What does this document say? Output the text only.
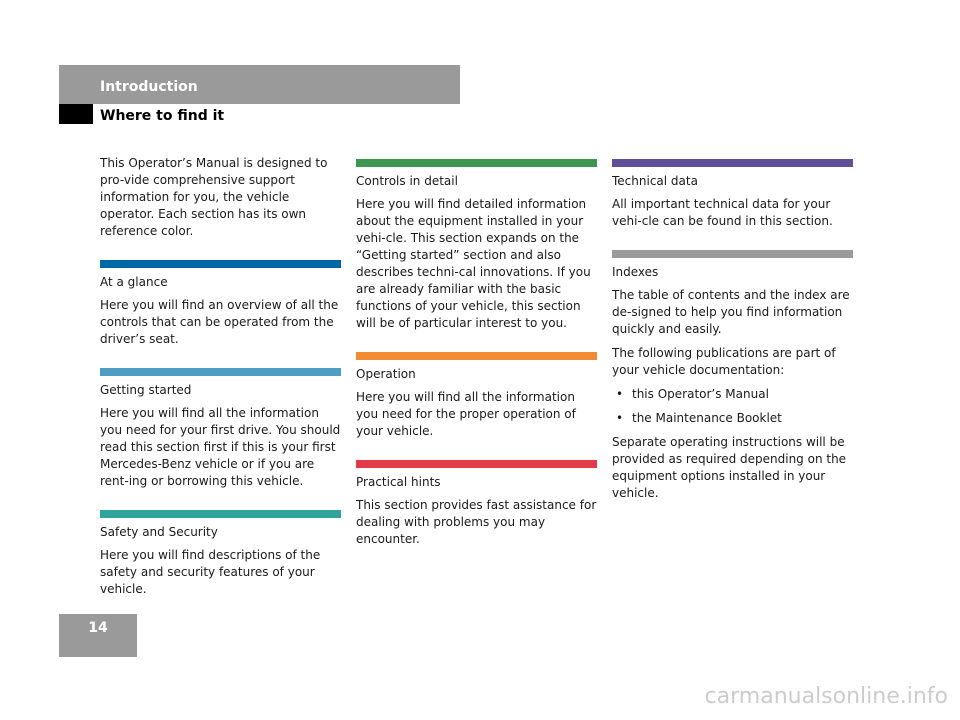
Introduction
Where to find it

This Operator’s Manual is designed to pro-vide comprehensive support information for you, the vehicle operator. Each section has its own reference color.

At a glance

Here you will find an overview of all the controls that can be operated from the driver’s seat.

Getting started

Here you will find all the information you need for your first drive. You should read this section first if this is your first Mercedes-Benz vehicle or if you are rent-ing or borrowing this vehicle.

Safety and Security

Here you will find descriptions of the safety and security features of your vehicle.

Controls in detail

Here you will find detailed information about the equipment installed in your vehi-cle. This section expands on the “Getting started” section and also describes techni-cal innovations. If you are already familiar with the basic functions of your vehicle, this section will be of particular interest to you.

Operation

Here you will find all the information you need for the proper operation of your vehicle.

Practical hints

This section provides fast assistance for dealing with problems you may encounter.

Technical data

All important technical data for your vehi-cle can be found in this section.

Indexes

The table of contents and the index are de-signed to help you find information quickly and easily.

The following publications are part of your vehicle documentation:

• this Operator’s Manual
• the Maintenance Booklet

Separate operating instructions will be provided as required depending on the equipment options installed in your vehicle.

14
carmanualsonline.info
